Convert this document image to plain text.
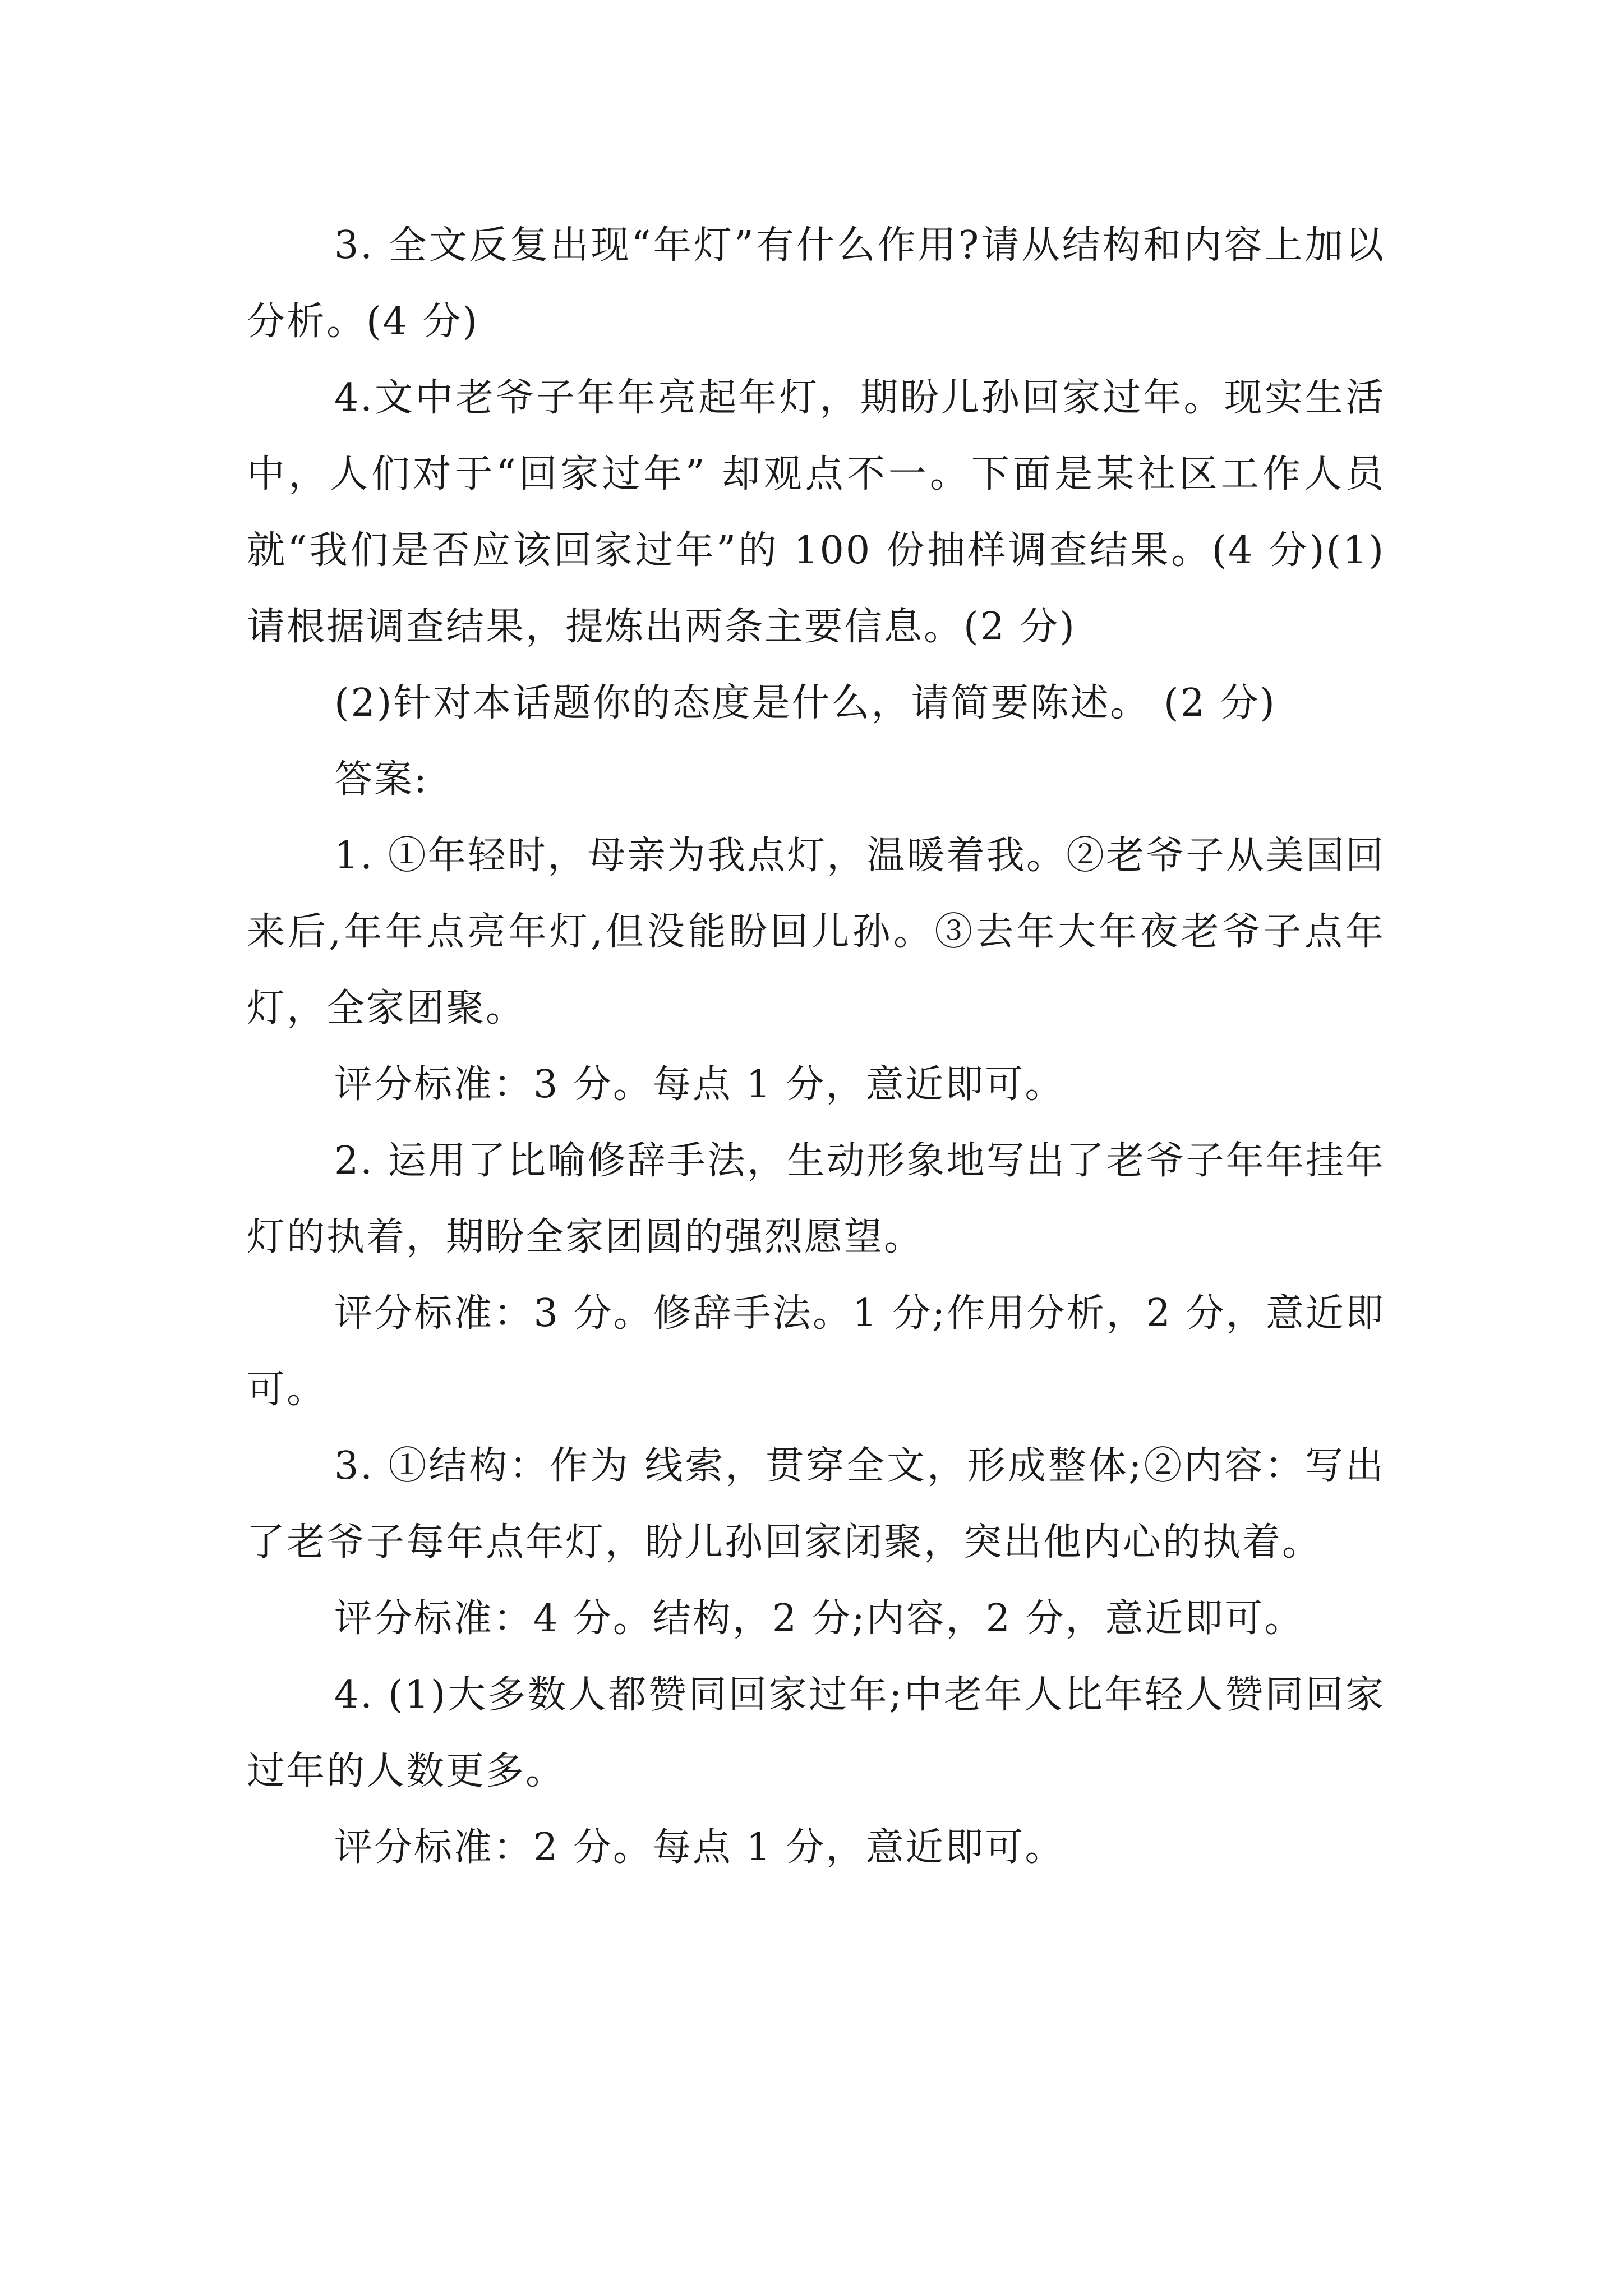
3. 全文反复出现“年灯”有什么作用?请从结构和内容上加以分析。(4 分)

4.文中老爷子年年亮起年灯，期盼儿孙回家过年。现实生活中，人们对于“回家过年” 却观点不一。下面是某社区工作人员就“我们是否应该回家过年”的 100 份抽样调查结果。(4 分)(1)请根据调查结果，提炼出两条主要信息。(2 分)

(2)针对本话题你的态度是什么，请简要陈述。 (2 分)

答案:

1. ①年轻时，母亲为我点灯，温暖着我。②老爷子从美国回来后,年年点亮年灯,但没能盼回儿孙。③去年大年夜老爷子点年灯，全家团聚。

评分标准：3 分。每点 1 分，意近即可。

2. 运用了比喻修辞手法，生动形象地写出了老爷子年年挂年灯的执着，期盼全家团圆的强烈愿望。

评分标准：3 分。修辞手法。1 分;作用分析，2 分，意近即可。

3. ①结构：作为 线索，贯穿全文，形成整体;②内容：写出了老爷子每年点年灯，盼儿孙回家闭聚，突出他内心的执着。

评分标准：4 分。结构，2 分;内容，2 分，意近即可。

4. (1)大多数人都赞同回家过年;中老年人比年轻人赞同回家过年的人数更多。

评分标准：2 分。每点 1 分，意近即可。
